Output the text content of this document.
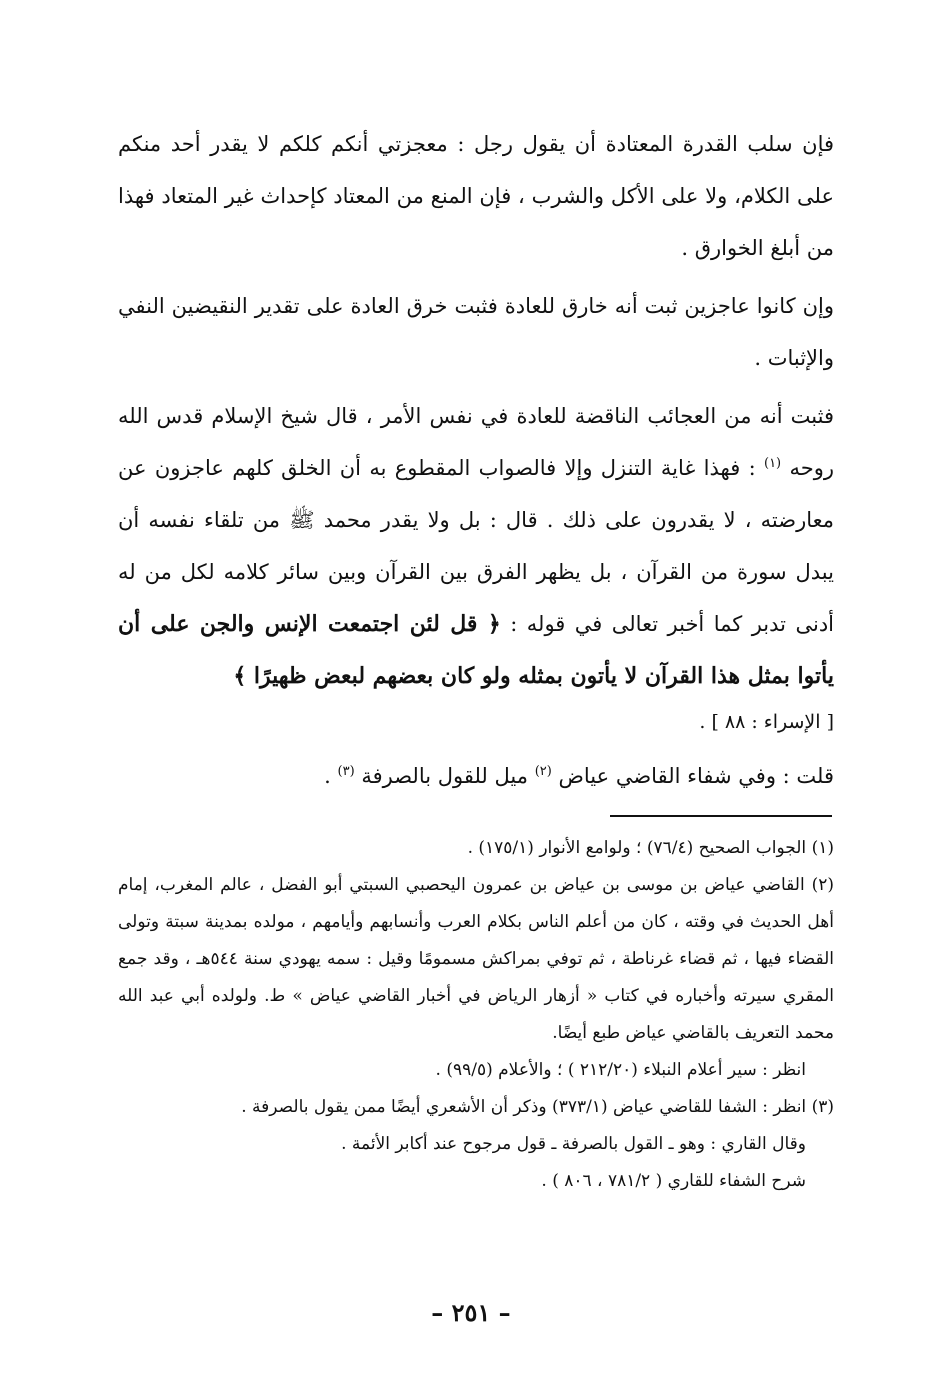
فإن سلب القدرة المعتادة أن يقول رجل : معجزتي أنكم كلكم لا يقدر أحد منكم على الكلام، ولا على الأكل والشرب ، فإن المنع من المعتاد كإحداث غير المتعاد فهذا من أبلغ الخوارق .

وإن كانوا عاجزين ثبت أنه خارق للعادة فثبت خرق العادة على تقدير النقيضين النفي والإثبات .

فثبت أنه من العجائب الناقضة للعادة في نفس الأمر ، قال شيخ الإسلام قدس الله روحه $^{(١)}$ : فهذا غاية التنزل وإلا فالصواب المقطوع به أن الخلق كلهم عاجزون عن معارضته ، لا يقدرون على ذلك . قال : بل ولا يقدر محمد ﷺ من تلقاء نفسه أن يبدل سورة من القرآن ، بل يظهر الفرق بين القرآن وبين سائر كلامه لكل من له أدنى تدبر كما أخبر تعالى في قوله : ﴿ قل لئن اجتمعت الإنس والجن على أن يأتوا بمثل هذا القرآن لا يأتون بمثله ولو كان بعضهم لبعض ظهيرًا ﴾

[ الإسراء : ٨٨ ] .

قلت : وفي شفاء القاضي عياض $^{(٢)}$ ميل للقول بالصرفة $^{(٣)}$ .

(١) الجواب الصحيح (٧٦/٤) ؛ ولوامع الأنوار (١٧٥/١) .

(٢) القاضي عياض بن موسى بن عياض بن عمرون اليحصبي السبتي أبو الفضل ، عالم المغرب، إمام أهل الحديث في وقته ، كان من أعلم الناس بكلام العرب وأنسابهم وأيامهم ، مولده بمدينة سبتة وتولى القضاء فيها ، ثم قضاء غرناطة ، ثم توفي بمراكش مسمومًا وقيل : سمه يهودي سنة ٥٤٤هـ ، وقد جمع المقري سيرته وأخباره في كتاب « أزهار الرياض في أخبار القاضي عياض » ط. ولولده أبي عبد الله محمد التعريف بالقاضي عياض طبع أيضًا.

انظر : سير أعلام النبلاء (٢١٢/٢٠ ) ؛ والأعلام (٩٩/٥) .

(٣) انظر : الشفا للقاضي عياض (٣٧٣/١) وذكر أن الأشعري أيضًا ممن يقول بالصرفة .

وقال القاري : وهو ـ القول بالصرفة ـ قول مرجوح عند أكابر الأئمة .

شرح الشفاء للقاري ( ٧٨١/٢ ، ٨٠٦ ) .

– ٢٥١ –
